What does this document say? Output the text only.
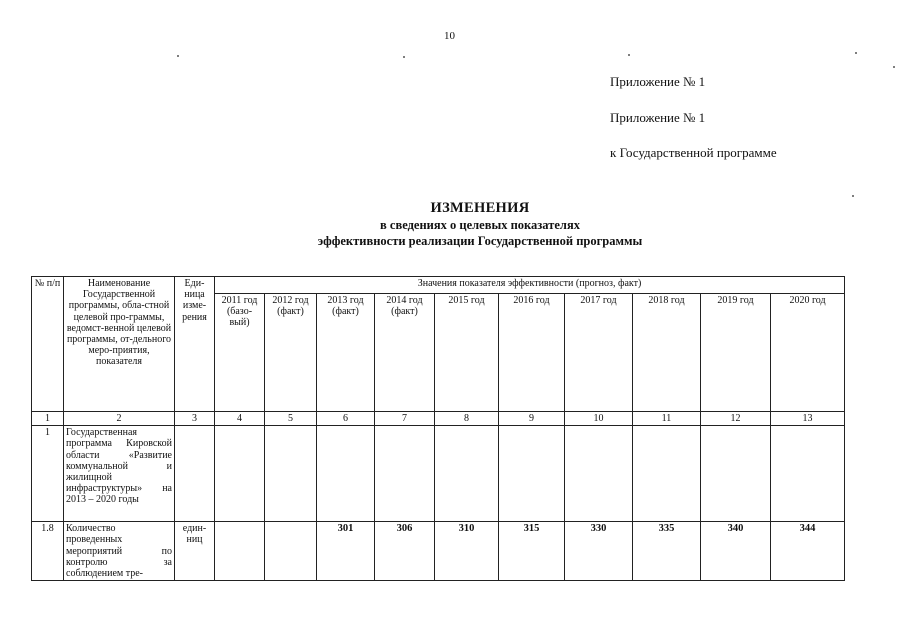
10
Приложение № 1
Приложение № 1
к Государственной программе
ИЗМЕНЕНИЯ
в сведениях о целевых показателях
эффективности реализации Государственной программы
№ п/п	Наименование Государственной программы, обла-стной целевой про-граммы, ведомст-венной целевой программы, от-дельного меро-приятия, показателя	Еди-ница изме-рения	Значения показателя эффективности (прогноз, факт)									
			2011 год (базо-вый)	2012 год (факт)	2013 год (факт)	2014 год (факт)	2015 год	2016 год	2017 год	2018 год	2019 год	2020 год
1	2	3	4	5	6	7	8	9	10	11	12	13
1	Государственная программа Кировской области «Развитие коммунальной и жилищной инфраструктуры» на 2013 – 2020 годы											
1.8	Количество проведенных мероприятий по контролю за соблюдением тре-	един-ниц			301	306	310	315	330	335	340	344
